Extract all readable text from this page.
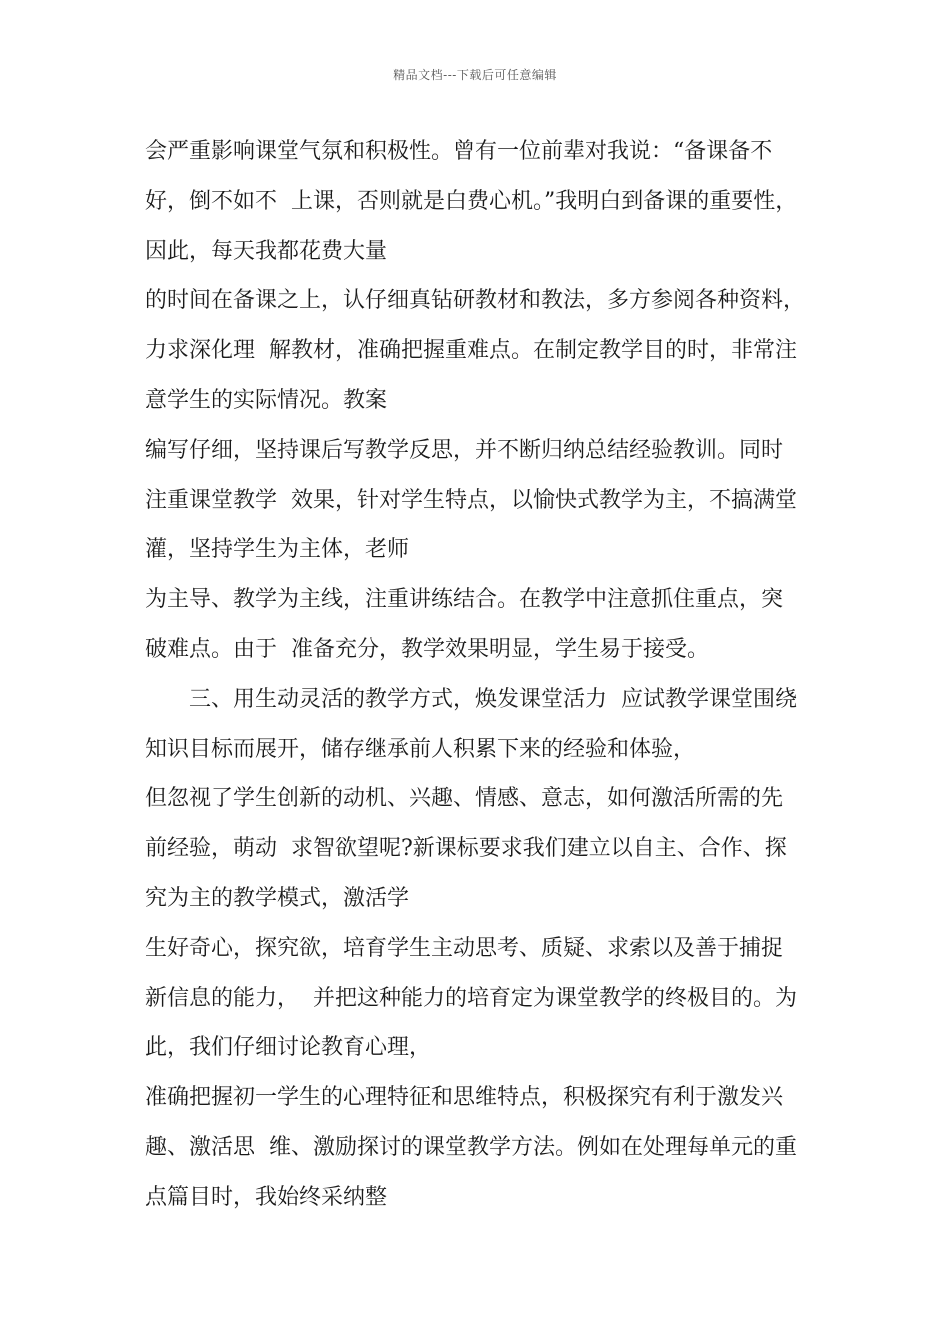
精品文档---下载后可任意编辑
会严重影响课堂气氛和积极性。曾有一位前辈对我说：“备课备不
好，倒不如不  上课，否则就是白费心机。”我明白到备课的重要性，
因此，每天我都花费大量
的时间在备课之上，认仔细真钻研教材和教法，多方参阅各种资料，
力求深化理  解教材，准确把握重难点。在制定教学目的时，非常注
意学生的实际情况。教案
编写仔细，坚持课后写教学反思，并不断归纳总结经验教训。同时
注重课堂教学  效果，针对学生特点，以愉快式教学为主，不搞满堂
灌，坚持学生为主体，老师
为主导、教学为主线，注重讲练结合。在教学中注意抓住重点，突
破难点。由于  准备充分，教学效果明显，学生易于接受。
三、用生动灵活的教学方式，焕发课堂活力  应试教学课堂围绕
知识目标而展开，储存继承前人积累下来的经验和体验，
但忽视了学生创新的动机、兴趣、情感、意志，如何激活所需的先
前经验，萌动  求智欲望呢?新课标要求我们建立以自主、合作、探
究为主的教学模式，激活学
生好奇心，探究欲，培育学生主动思考、质疑、求索以及善于捕捉
新信息的能力，  并把这种能力的培育定为课堂教学的终极目的。为
此，我们仔细讨论教育心理，
准确把握初一学生的心理特征和思维特点，积极探究有利于激发兴
趣、激活思  维、激励探讨的课堂教学方法。例如在处理每单元的重
点篇目时，我始终采纳整
